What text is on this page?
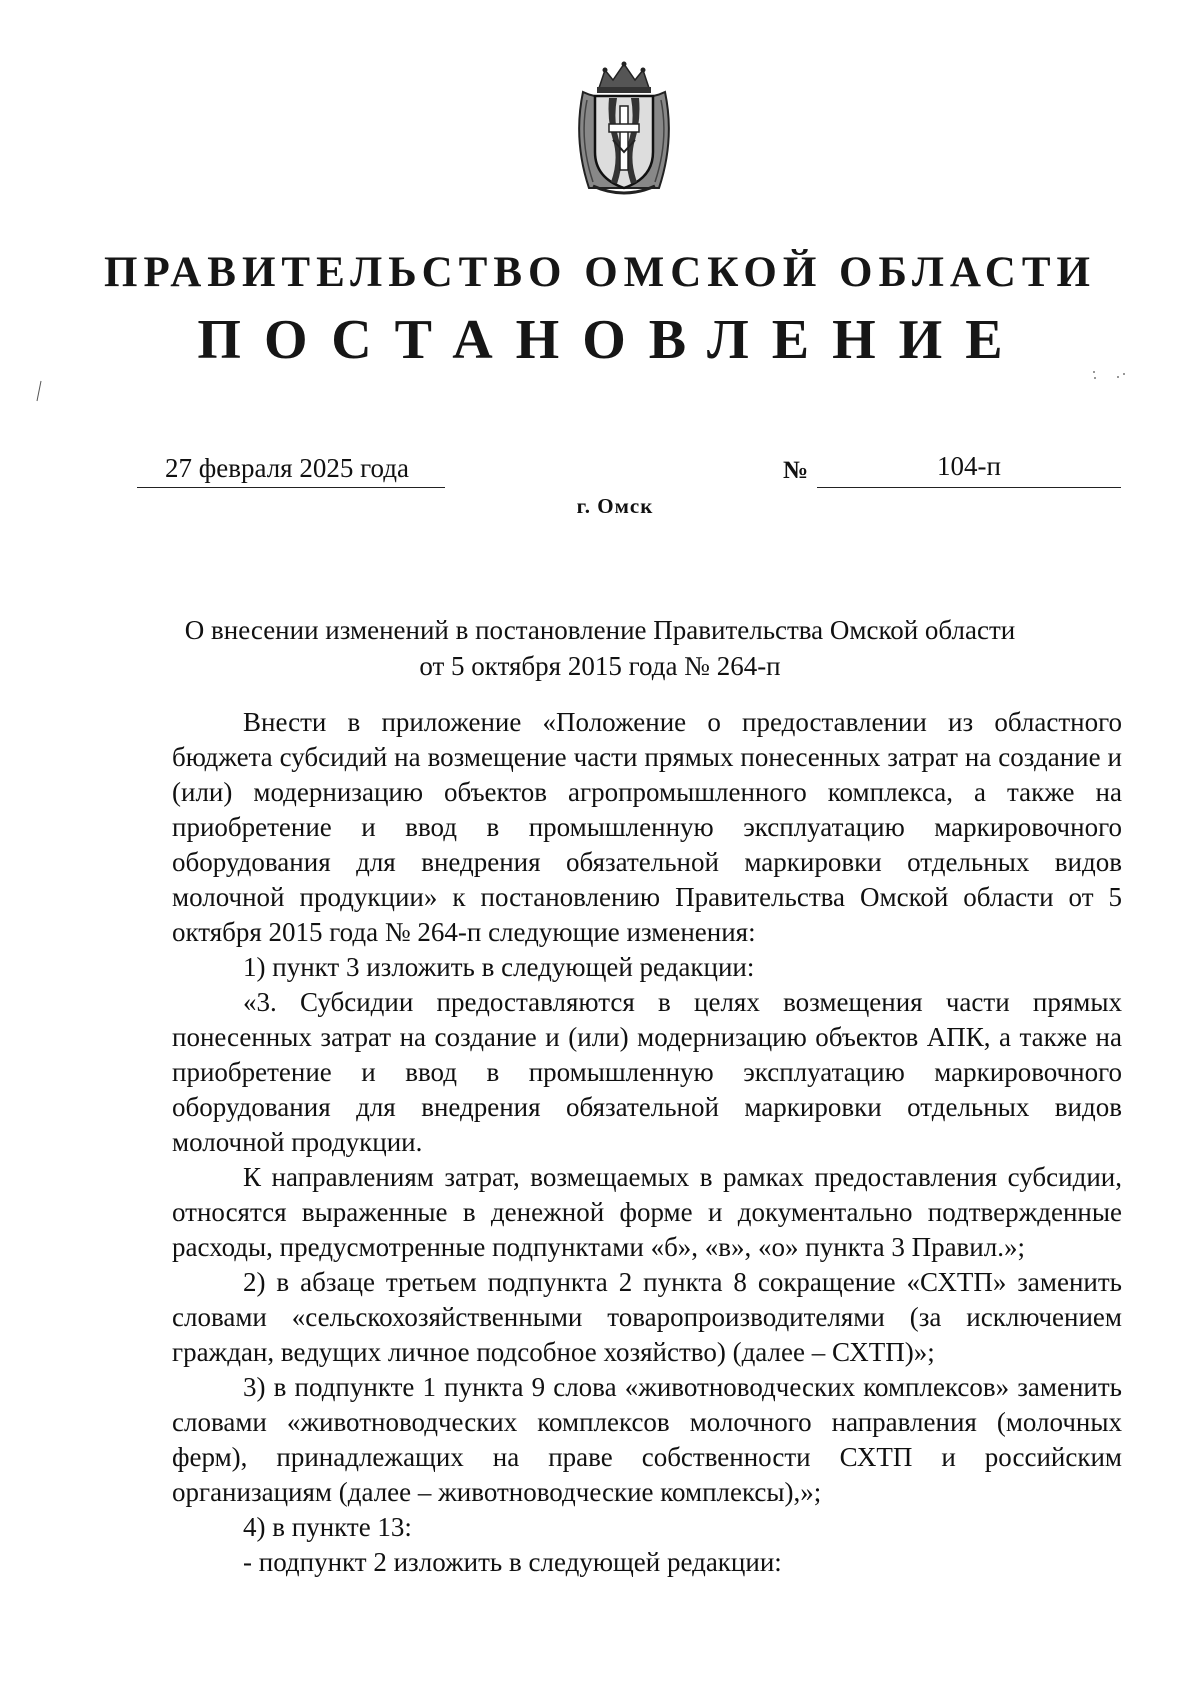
ПРАВИТЕЛЬСТВО ОМСКОЙ ОБЛАСТИ
ПОСТАНОВЛЕНИЕ
27 февраля 2025 года	№	104-п
г. Омск
О внесении изменений в постановление Правительства Омской области
от 5 октября 2015 года № 264-п

Внести в приложение «Положение о предоставлении из областного бюджета субсидий на возмещение части прямых понесенных затрат на создание и (или) модернизацию объектов агропромышленного комплекса, а также на приобретение и ввод в промышленную эксплуатацию маркировочного оборудования для внедрения обязательной маркировки отдельных видов молочной продукции» к постановлению Правительства Омской области от 5 октября 2015 года № 264-п следующие изменения:

1) пункт 3 изложить в следующей редакции:

«3. Субсидии предоставляются в целях возмещения части прямых понесенных затрат на создание и (или) модернизацию объектов АПК, а также на приобретение и ввод в промышленную эксплуатацию маркировочного оборудования для внедрения обязательной маркировки отдельных видов молочной продукции.

К направлениям затрат, возмещаемых в рамках предоставления субсидии, относятся выраженные в денежной форме и документально подтвержденные расходы, предусмотренные подпунктами «б», «в», «о» пункта 3 Правил.»;

2) в абзаце третьем подпункта 2 пункта 8 сокращение «СХТП» заменить словами «сельскохозяйственными товаропроизводителями (за исключением граждан, ведущих личное подсобное хозяйство) (далее – СХТП)»;

3) в подпункте 1 пункта 9 слова «животноводческих комплексов» заменить словами «животноводческих комплексов молочного направления (молочных ферм), принадлежащих на праве собственности СХТП и российским организациям (далее – животноводческие комплексы),»;

4) в пункте 13:

- подпункт 2 изложить в следующей редакции:
